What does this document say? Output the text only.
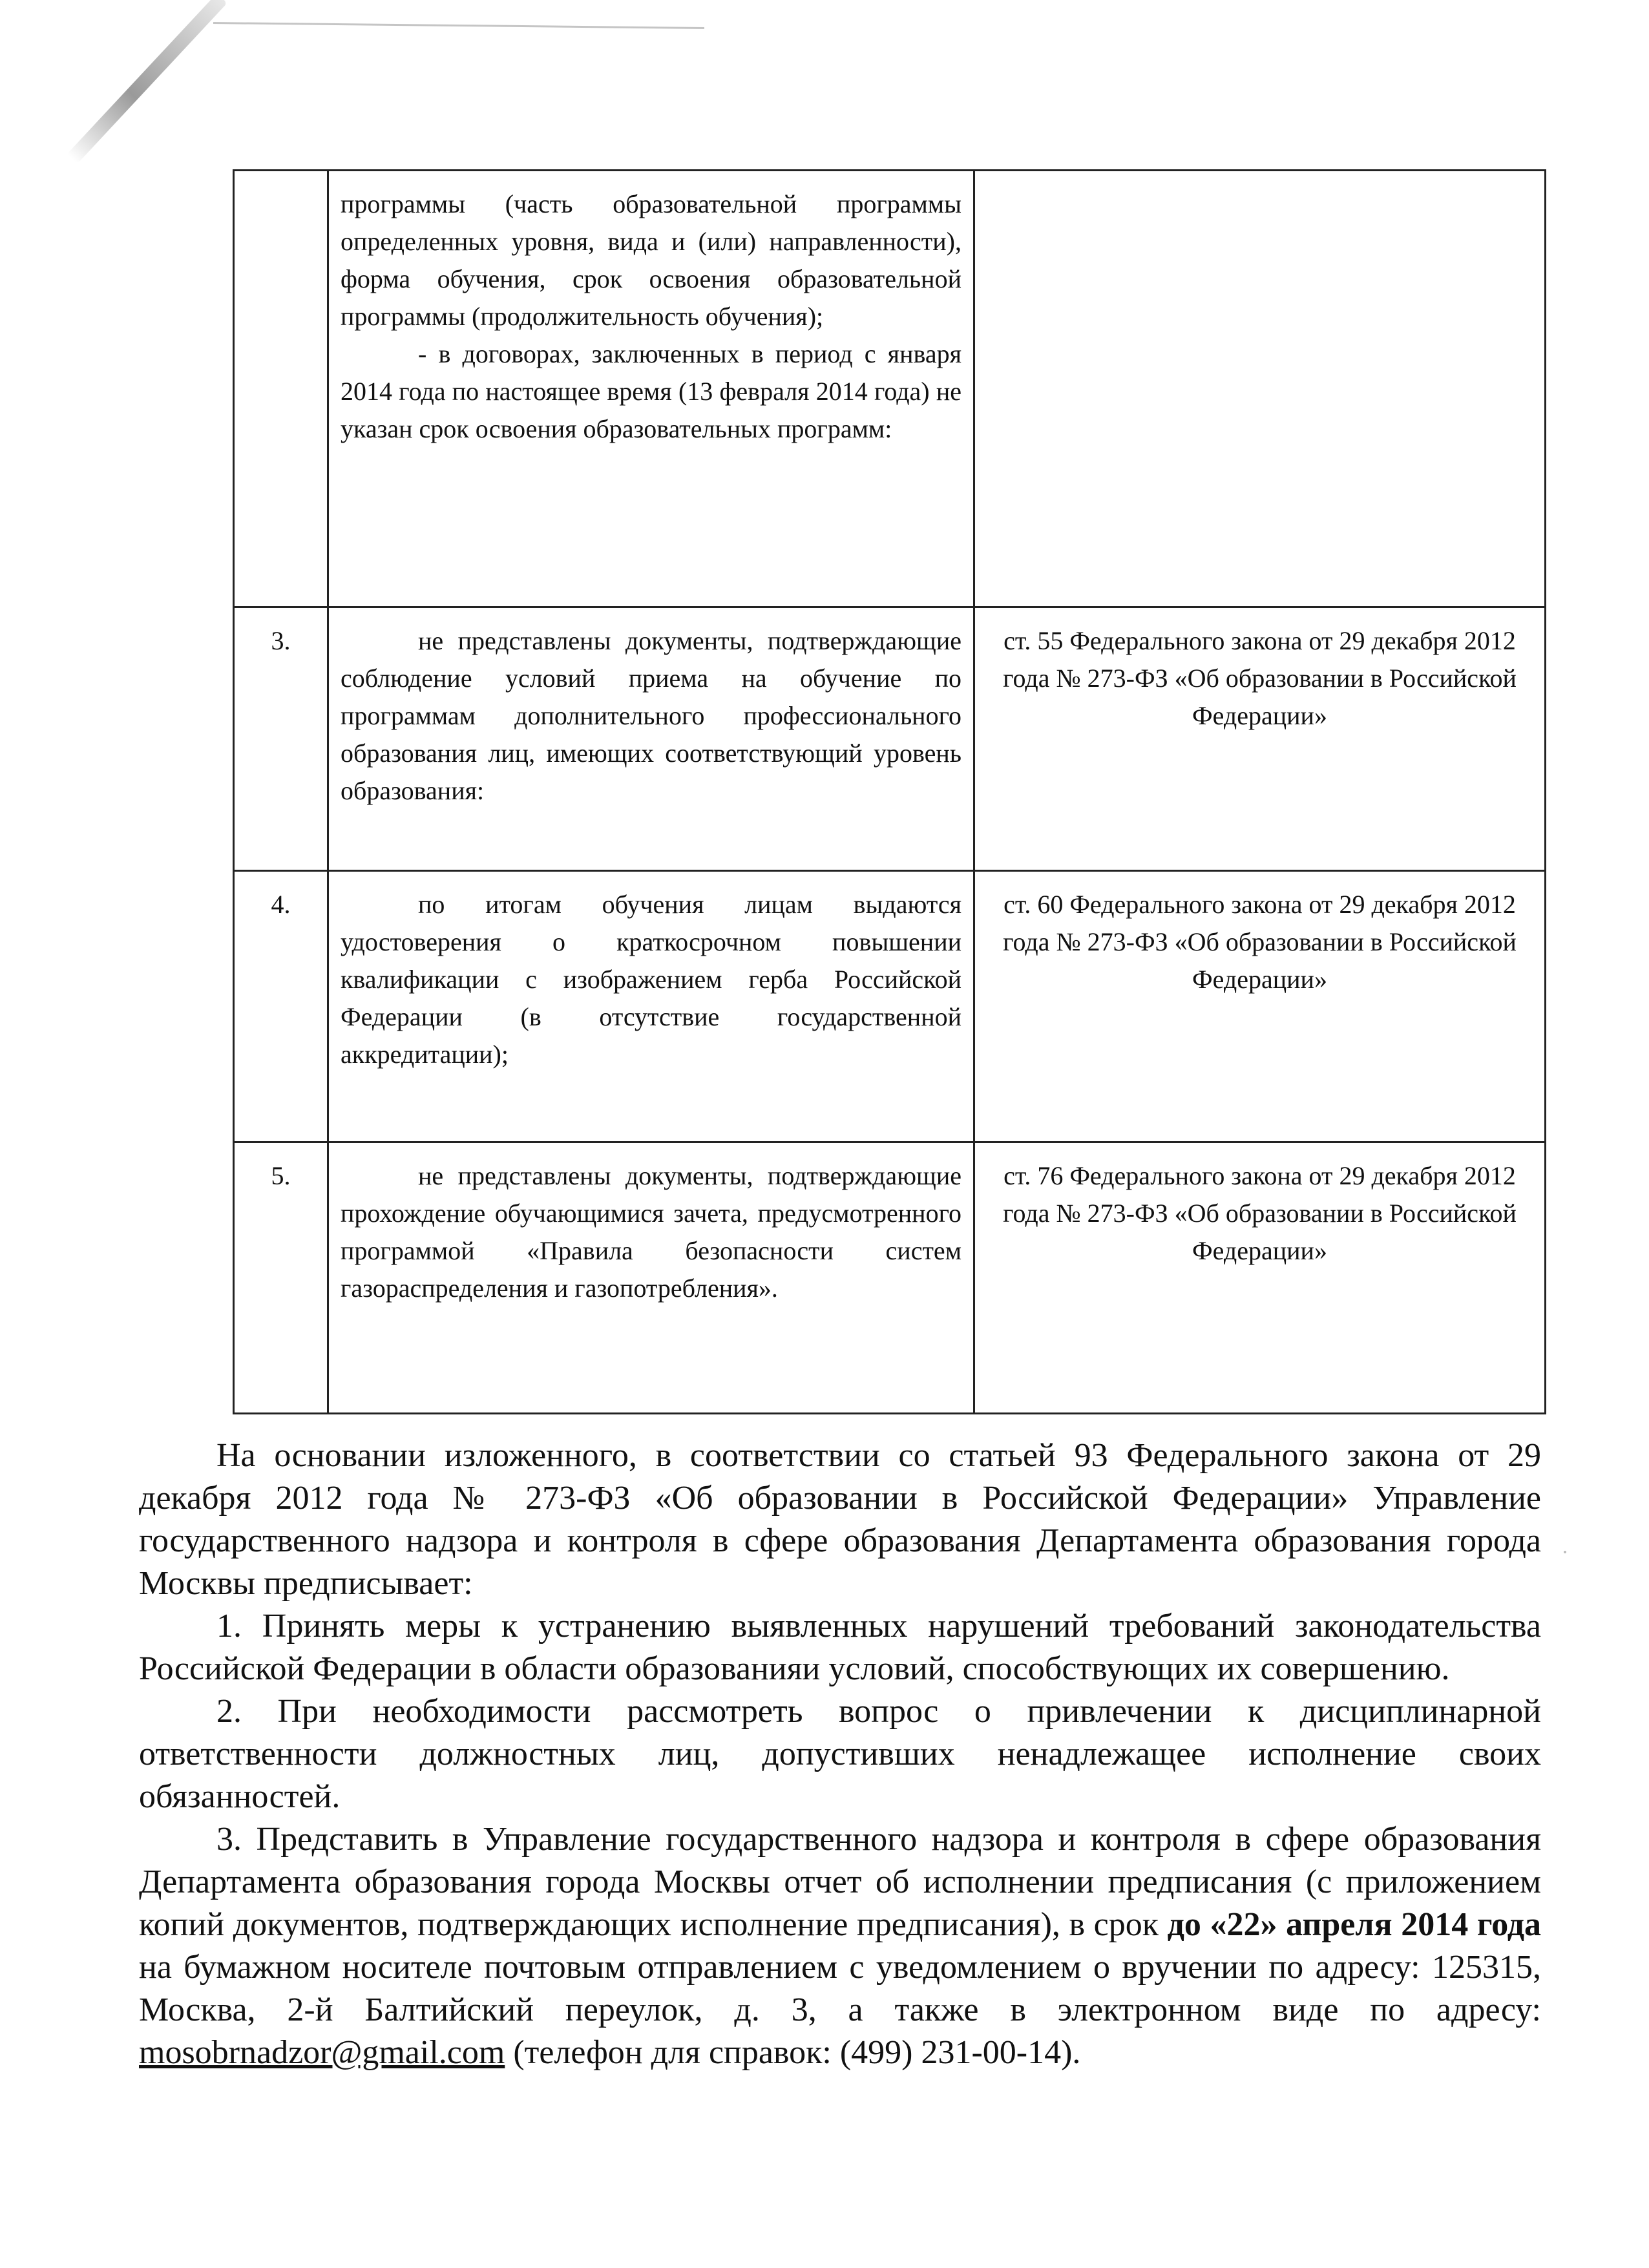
	программы (часть образовательной программы определенных уровня, вида и (или) направленности), форма обучения, срок освоения образовательной программы (продолжительность обучения);
- в договорах, заключенных в период с января 2014 года по настоящее время (13 февраля 2014 года) не указан срок освоения образовательных программ:	

3.	не представлены документы, подтверждающие соблюдение условий приема на обучение по программам дополнительного профессионального образования лиц, имеющих соответствующий уровень образования:	ст. 55 Федерального закона от 29 декабря 2012 года № 273-ФЗ «Об образовании в Российской Федерации»

4.	по итогам обучения лицам выдаются удостоверения о краткосрочном повышении квалификации с изображением герба Российской Федерации (в отсутствие государственной аккредитации);	ст. 60 Федерального закона от 29 декабря 2012 года № 273-ФЗ «Об образовании в Российской Федерации»

5.	не представлены документы, подтверждающие прохождение обучающимися зачета, предусмотренного программой «Правила безопасности систем газораспределения и газопотребления».	ст. 76 Федерального закона от 29 декабря 2012 года № 273-ФЗ «Об образовании в Российской Федерации»

На основании изложенного, в соответствии со статьей 93 Федерального закона от 29 декабря 2012 года № 273-ФЗ «Об образовании в Российской Федерации» Управление государственного надзора и контроля в сфере образования Департамента образования города Москвы предписывает:

1. Принять меры к устранению выявленных нарушений требований законодательства Российской Федерации в области образованияи условий, способствующих их совершению.

2. При необходимости рассмотреть вопрос о привлечении к дисциплинарной ответственности должностных лиц, допустивших ненадлежащее исполнение своих обязанностей.

3. Представить в Управление государственного надзора и контроля в сфере образования Департамента образования города Москвы отчет об исполнении предписания (с приложением копий документов, подтверждающих исполнение предписания), в срок до «22» апреля 2014 года на бумажном носителе почтовым отправлением с уведомлением о вручении по адресу: 125315, Москва, 2-й Балтийский переулок, д. 3, а также в электронном виде по адресу: mosobrnadzor@gmail.com (телефон для справок: (499) 231-00-14).
